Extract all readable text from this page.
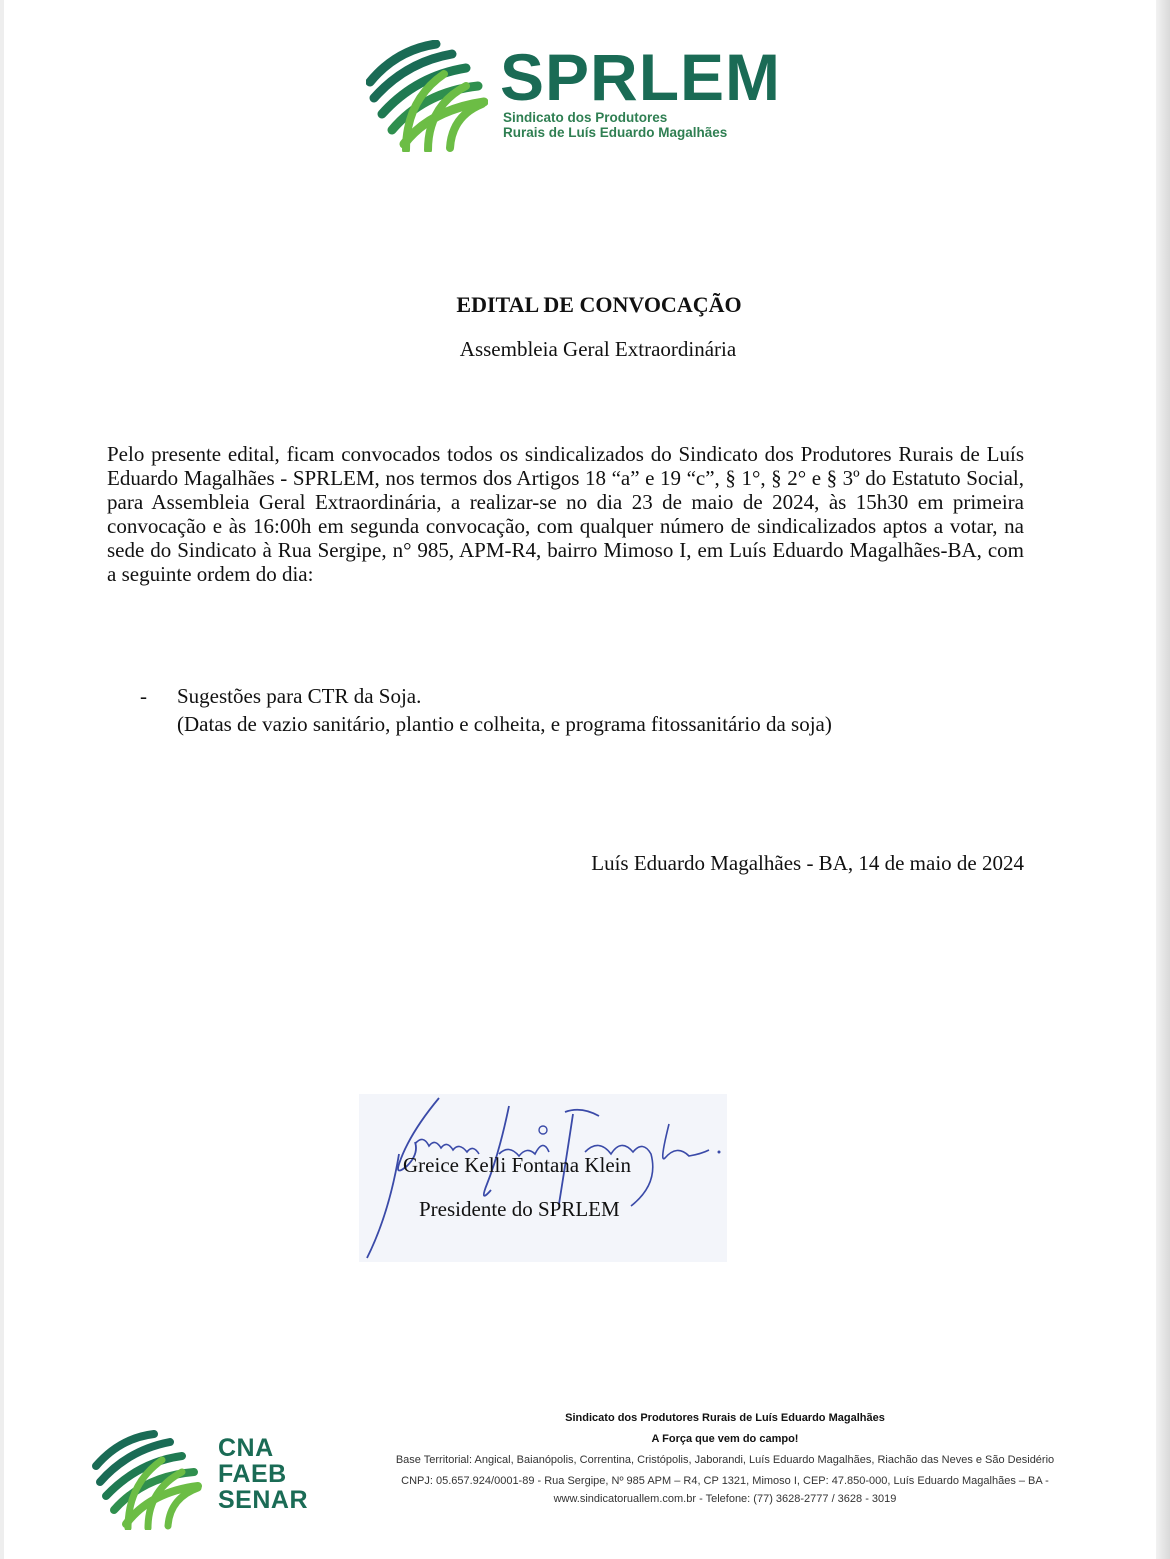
SPRLEM
Sindicato dos Produtores
Rurais de Luís Eduardo Magalhães
EDITAL DE CONVOCAÇÃO
Assembleia Geral Extraordinária
Pelo presente edital, ficam convocados todos os sindicalizados do Sindicato dos Produtores Rurais de Luís Eduardo Magalhães - SPRLEM, nos termos dos Artigos 18 “a” e 19 “c”, § 1°, § 2° e § 3º do Estatuto Social, para Assembleia Geral Extraordinária, a realizar-se no dia 23 de maio de 2024, às 15h30 em primeira convocação e às 16:00h em segunda convocação, com qualquer número de sindicalizados aptos a votar, na sede do Sindicato à Rua Sergipe, n° 985, APM-R4, bairro Mimoso I, em Luís Eduardo Magalhães-BA, com a seguinte ordem do dia:
- Sugestões para CTR da Soja.
(Datas de vazio sanitário, plantio e colheita, e programa fitossanitário da soja)
Luís Eduardo Magalhães - BA, 14 de maio de 2024
Greice Kelli Fontana Klein
Presidente do SPRLEM
CNA
FAEB
SENAR
Sindicato dos Produtores Rurais de Luís Eduardo Magalhães
A Força que vem do campo!
Base Territorial: Angical, Baianópolis, Correntina, Cristópolis, Jaborandi, Luís Eduardo Magalhães, Riachão das Neves e São Desidério
CNPJ: 05.657.924/0001-89 - Rua Sergipe, Nº 985 APM – R4, CP 1321, Mimoso I, CEP: 47.850-000, Luís Eduardo Magalhães – BA -
www.sindicatoruallem.com.br - Telefone: (77) 3628-2777 / 3628 - 3019
